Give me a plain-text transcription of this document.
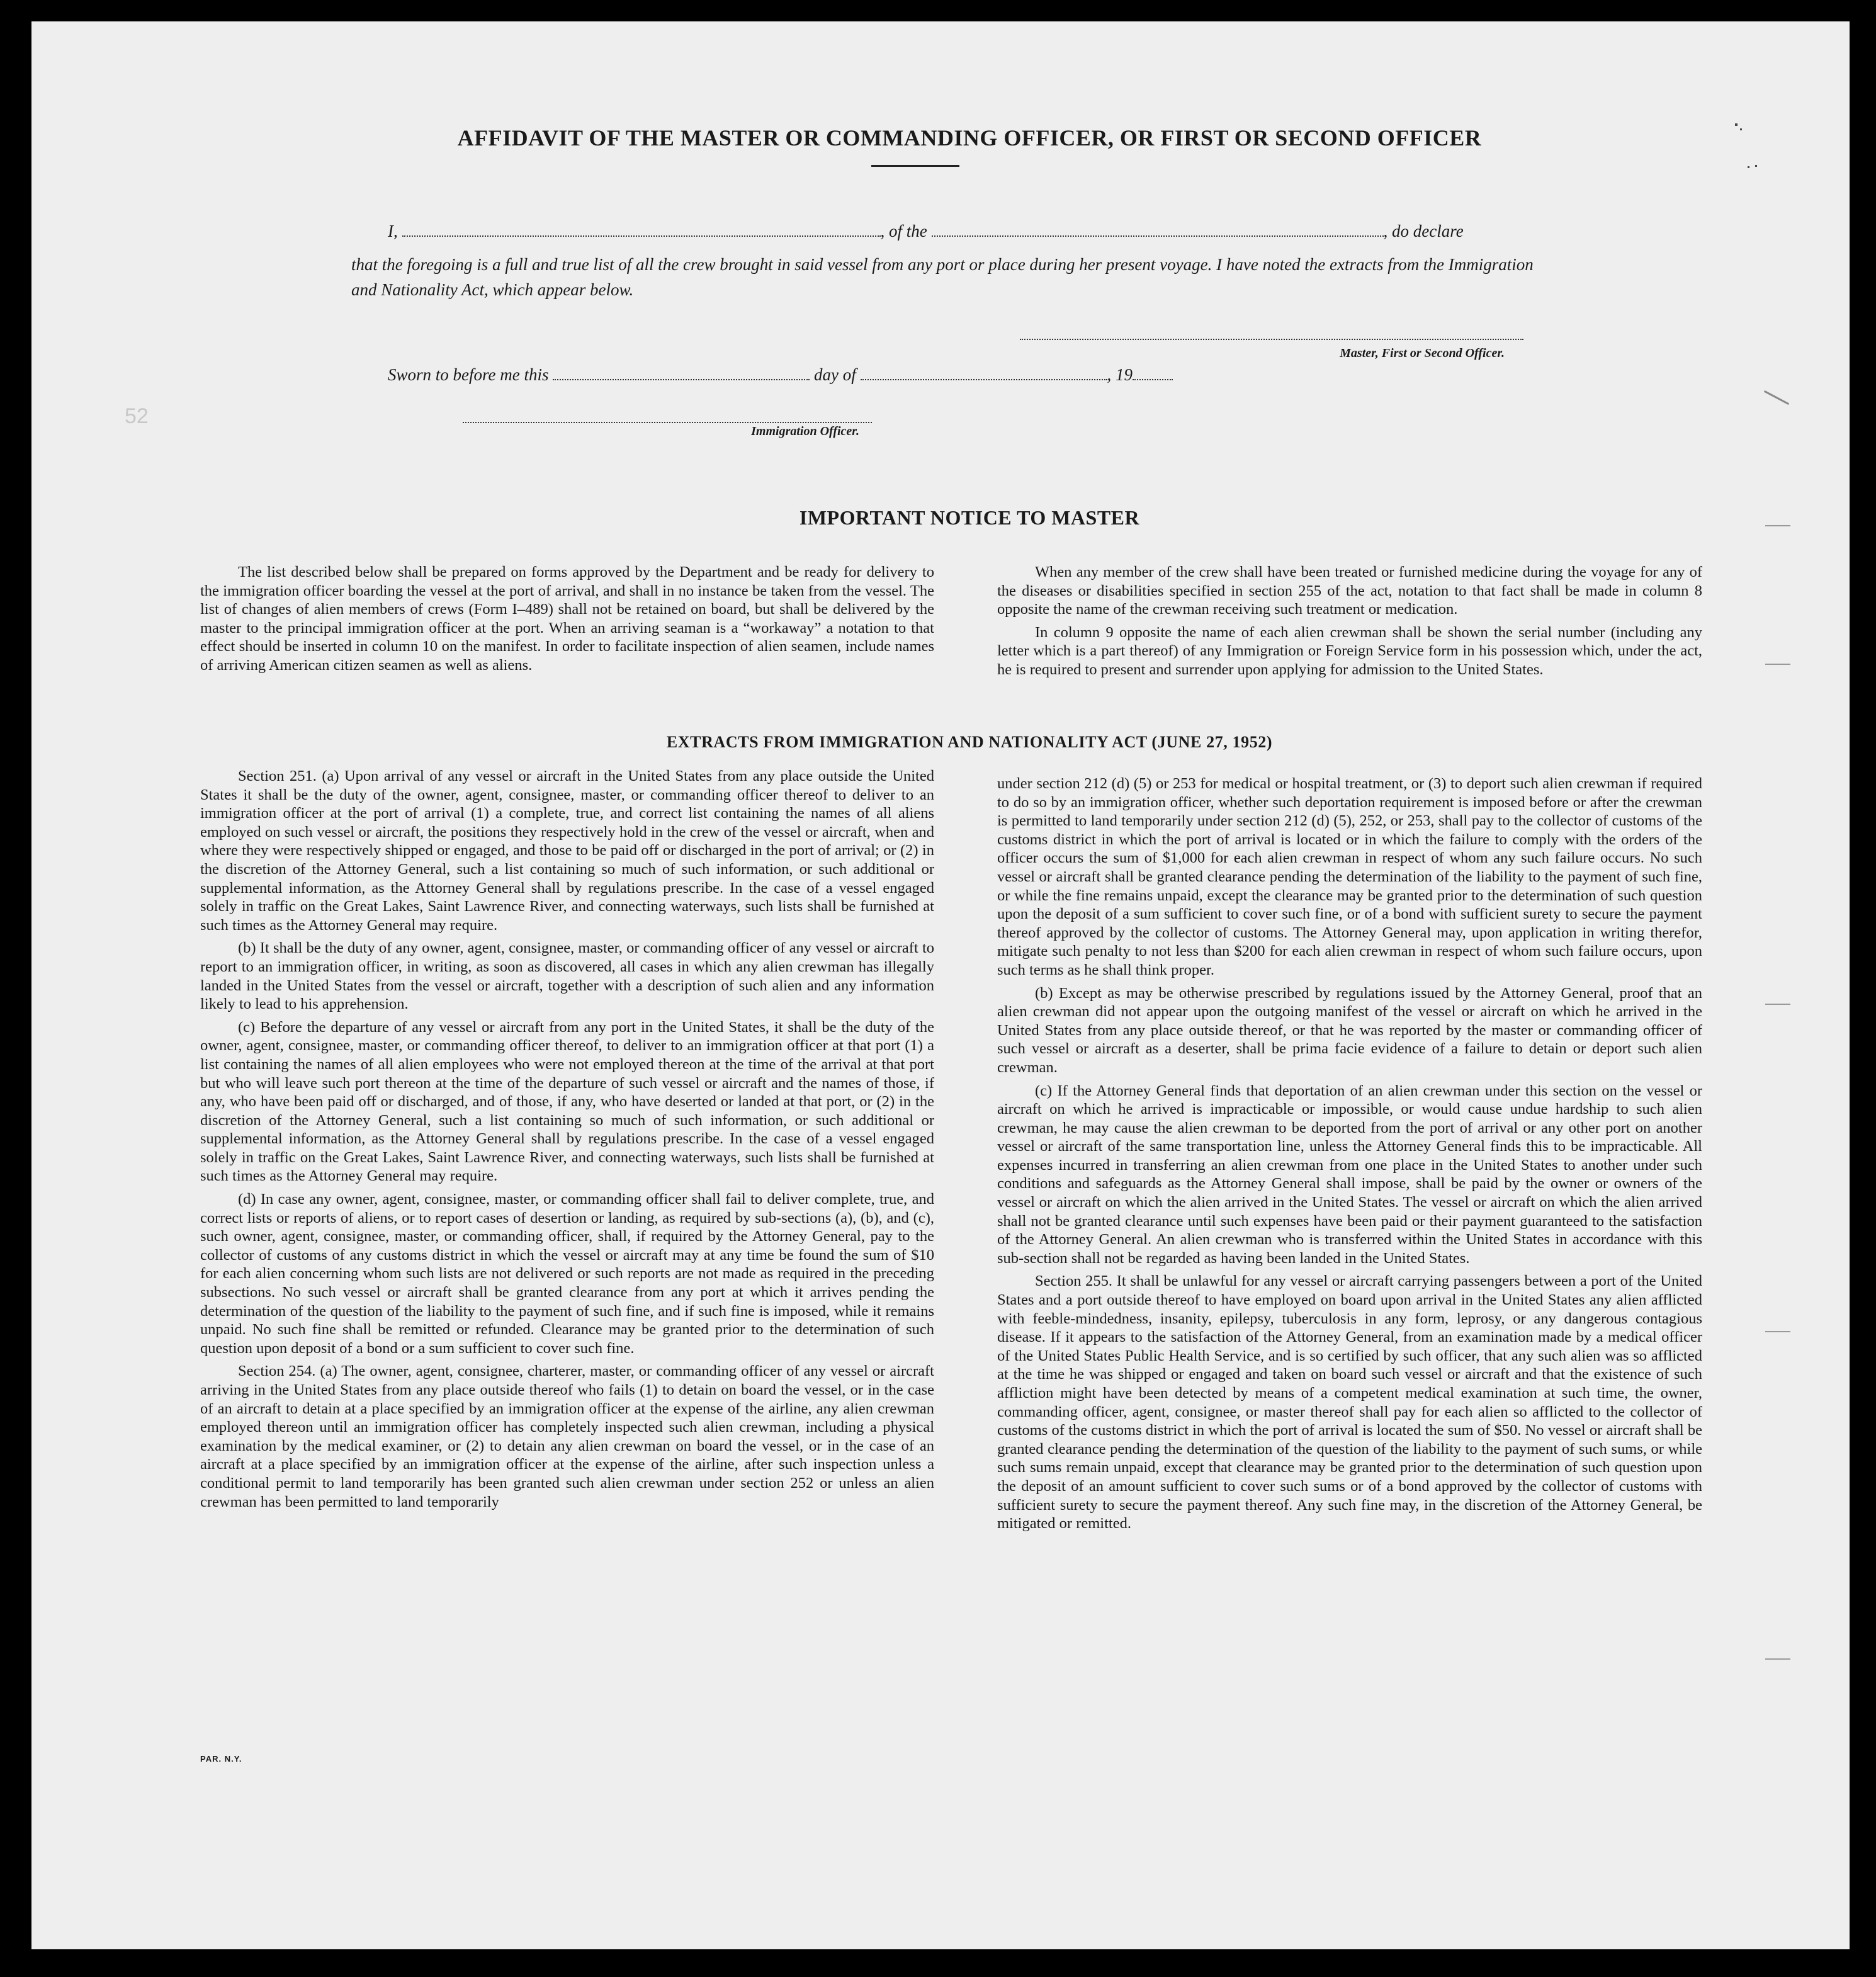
52
AFFIDAVIT OF THE MASTER OR COMMANDING OFFICER, OR FIRST OR SECOND OFFICER
I,	, of the	, do declare
that the foregoing is a full and true list of all the crew brought in said vessel from any port or place during her present voyage. I have noted the extracts from the Immigration and Nationality Act, which appear below.
Master, First or Second Officer.
Sworn to before me this	day of	, 19
Immigration Officer.
IMPORTANT NOTICE TO MASTER

The list described below shall be prepared on forms approved by the Department and be ready for delivery to the immigration officer boarding the vessel at the port of arrival, and shall in no instance be taken from the vessel. The list of changes of alien members of crews (Form I–489) shall not be retained on board, but shall be delivered by the master to the principal immigration officer at the port. When an arriving seaman is a “workaway” a notation to that effect should be inserted in column 10 on the manifest. In order to facilitate inspection of alien seamen, include names of arriving American citizen seamen as well as aliens.

When any member of the crew shall have been treated or furnished medicine during the voyage for any of the diseases or disabilities specified in section 255 of the act, notation to that fact shall be made in column 8 opposite the name of the crewman receiving such treatment or medication.

In column 9 opposite the name of each alien crewman shall be shown the serial number (including any letter which is a part thereof) of any Immigration or Foreign Service form in his possession which, under the act, he is required to present and surrender upon applying for admission to the United States.

EXTRACTS FROM IMMIGRATION AND NATIONALITY ACT (JUNE 27, 1952)

Section 251. (a) Upon arrival of any vessel or aircraft in the United States from any place outside the United States it shall be the duty of the owner, agent, consignee, master, or commanding officer thereof to deliver to an immigration officer at the port of arrival (1) a complete, true, and correct list containing the names of all aliens employed on such vessel or aircraft, the positions they respectively hold in the crew of the vessel or aircraft, when and where they were respectively shipped or engaged, and those to be paid off or discharged in the port of arrival; or (2) in the discretion of the Attorney General, such a list containing so much of such information, or such additional or supplemental information, as the Attorney General shall by regulations prescribe. In the case of a vessel engaged solely in traffic on the Great Lakes, Saint Lawrence River, and connecting waterways, such lists shall be furnished at such times as the Attorney General may require.

(b) It shall be the duty of any owner, agent, consignee, master, or commanding officer of any vessel or aircraft to report to an immigration officer, in writing, as soon as discovered, all cases in which any alien crewman has illegally landed in the United States from the vessel or aircraft, together with a description of such alien and any information likely to lead to his apprehension.

(c) Before the departure of any vessel or aircraft from any port in the United States, it shall be the duty of the owner, agent, consignee, master, or commanding officer thereof, to deliver to an immigration officer at that port (1) a list containing the names of all alien employees who were not employed thereon at the time of the arrival at that port but who will leave such port thereon at the time of the departure of such vessel or aircraft and the names of those, if any, who have been paid off or discharged, and of those, if any, who have deserted or landed at that port, or (2) in the discretion of the Attorney General, such a list containing so much of such information, or such additional or supplemental information, as the Attorney General shall by regulations prescribe. In the case of a vessel engaged solely in traffic on the Great Lakes, Saint Lawrence River, and connecting waterways, such lists shall be furnished at such times as the Attorney General may require.

(d) In case any owner, agent, consignee, master, or commanding officer shall fail to deliver complete, true, and correct lists or reports of aliens, or to report cases of desertion or landing, as required by sub-sections (a), (b), and (c), such owner, agent, consignee, master, or commanding officer, shall, if required by the Attorney General, pay to the collector of customs of any customs district in which the vessel or aircraft may at any time be found the sum of $10 for each alien concerning whom such lists are not delivered or such reports are not made as required in the preceding subsections. No such vessel or aircraft shall be granted clearance from any port at which it arrives pending the determination of the question of the liability to the payment of such fine, and if such fine is imposed, while it remains unpaid. No such fine shall be remitted or refunded. Clearance may be granted prior to the determination of such question upon deposit of a bond or a sum sufficient to cover such fine.

Section 254. (a) The owner, agent, consignee, charterer, master, or commanding officer of any vessel or aircraft arriving in the United States from any place outside thereof who fails (1) to detain on board the vessel, or in the case of an aircraft to detain at a place specified by an immigration officer at the expense of the airline, any alien crewman employed thereon until an immigration officer has completely inspected such alien crewman, including a physical examination by the medical examiner, or (2) to detain any alien crewman on board the vessel, or in the case of an aircraft at a place specified by an immigration officer at the expense of the airline, after such inspection unless a conditional permit to land temporarily has been granted such alien crewman under section 252 or unless an alien crewman has been permitted to land temporarily

under section 212 (d) (5) or 253 for medical or hospital treatment, or (3) to deport such alien crewman if required to do so by an immigration officer, whether such deportation requirement is imposed before or after the crewman is permitted to land temporarily under section 212 (d) (5), 252, or 253, shall pay to the collector of customs of the customs district in which the port of arrival is located or in which the failure to comply with the orders of the officer occurs the sum of $1,000 for each alien crewman in respect of whom any such failure occurs. No such vessel or aircraft shall be granted clearance pending the determination of the liability to the payment of such fine, or while the fine remains unpaid, except the clearance may be granted prior to the determination of such question upon the deposit of a sum sufficient to cover such fine, or of a bond with sufficient surety to secure the payment thereof approved by the collector of customs. The Attorney General may, upon application in writing therefor, mitigate such penalty to not less than $200 for each alien crewman in respect of whom such failure occurs, upon such terms as he shall think proper.

(b) Except as may be otherwise prescribed by regulations issued by the Attorney General, proof that an alien crewman did not appear upon the outgoing manifest of the vessel or aircraft on which he arrived in the United States from any place outside thereof, or that he was reported by the master or commanding officer of such vessel or aircraft as a deserter, shall be prima facie evidence of a failure to detain or deport such alien crewman.

(c) If the Attorney General finds that deportation of an alien crewman under this section on the vessel or aircraft on which he arrived is impracticable or impossible, or would cause undue hardship to such alien crewman, he may cause the alien crewman to be deported from the port of arrival or any other port on another vessel or aircraft of the same transportation line, unless the Attorney General finds this to be impracticable. All expenses incurred in transferring an alien crewman from one place in the United States to another under such conditions and safeguards as the Attorney General shall impose, shall be paid by the owner or owners of the vessel or aircraft on which the alien arrived in the United States. The vessel or aircraft on which the alien arrived shall not be granted clearance until such expenses have been paid or their payment guaranteed to the satisfaction of the Attorney General. An alien crewman who is transferred within the United States in accordance with this sub-section shall not be regarded as having been landed in the United States.

Section 255. It shall be unlawful for any vessel or aircraft carrying passengers between a port of the United States and a port outside thereof to have employed on board upon arrival in the United States any alien afflicted with feeble-mindedness, insanity, epilepsy, tuberculosis in any form, leprosy, or any dangerous contagious disease. If it appears to the satisfaction of the Attorney General, from an examination made by a medical officer of the United States Public Health Service, and is so certified by such officer, that any such alien was so afflicted at the time he was shipped or engaged and taken on board such vessel or aircraft and that the existence of such affliction might have been detected by means of a competent medical examination at such time, the owner, commanding officer, agent, consignee, or master thereof shall pay for each alien so afflicted to the collector of customs of the customs district in which the port of arrival is located the sum of $50. No vessel or aircraft shall be granted clearance pending the determination of the question of the liability to the payment of such sums, or while such sums remain unpaid, except that clearance may be granted prior to the determination of such question upon the deposit of an amount sufficient to cover such sums or of a bond approved by the collector of customs with sufficient surety to secure the payment thereof. Any such fine may, in the discretion of the Attorney General, be mitigated or remitted.

PAR. N.Y.
